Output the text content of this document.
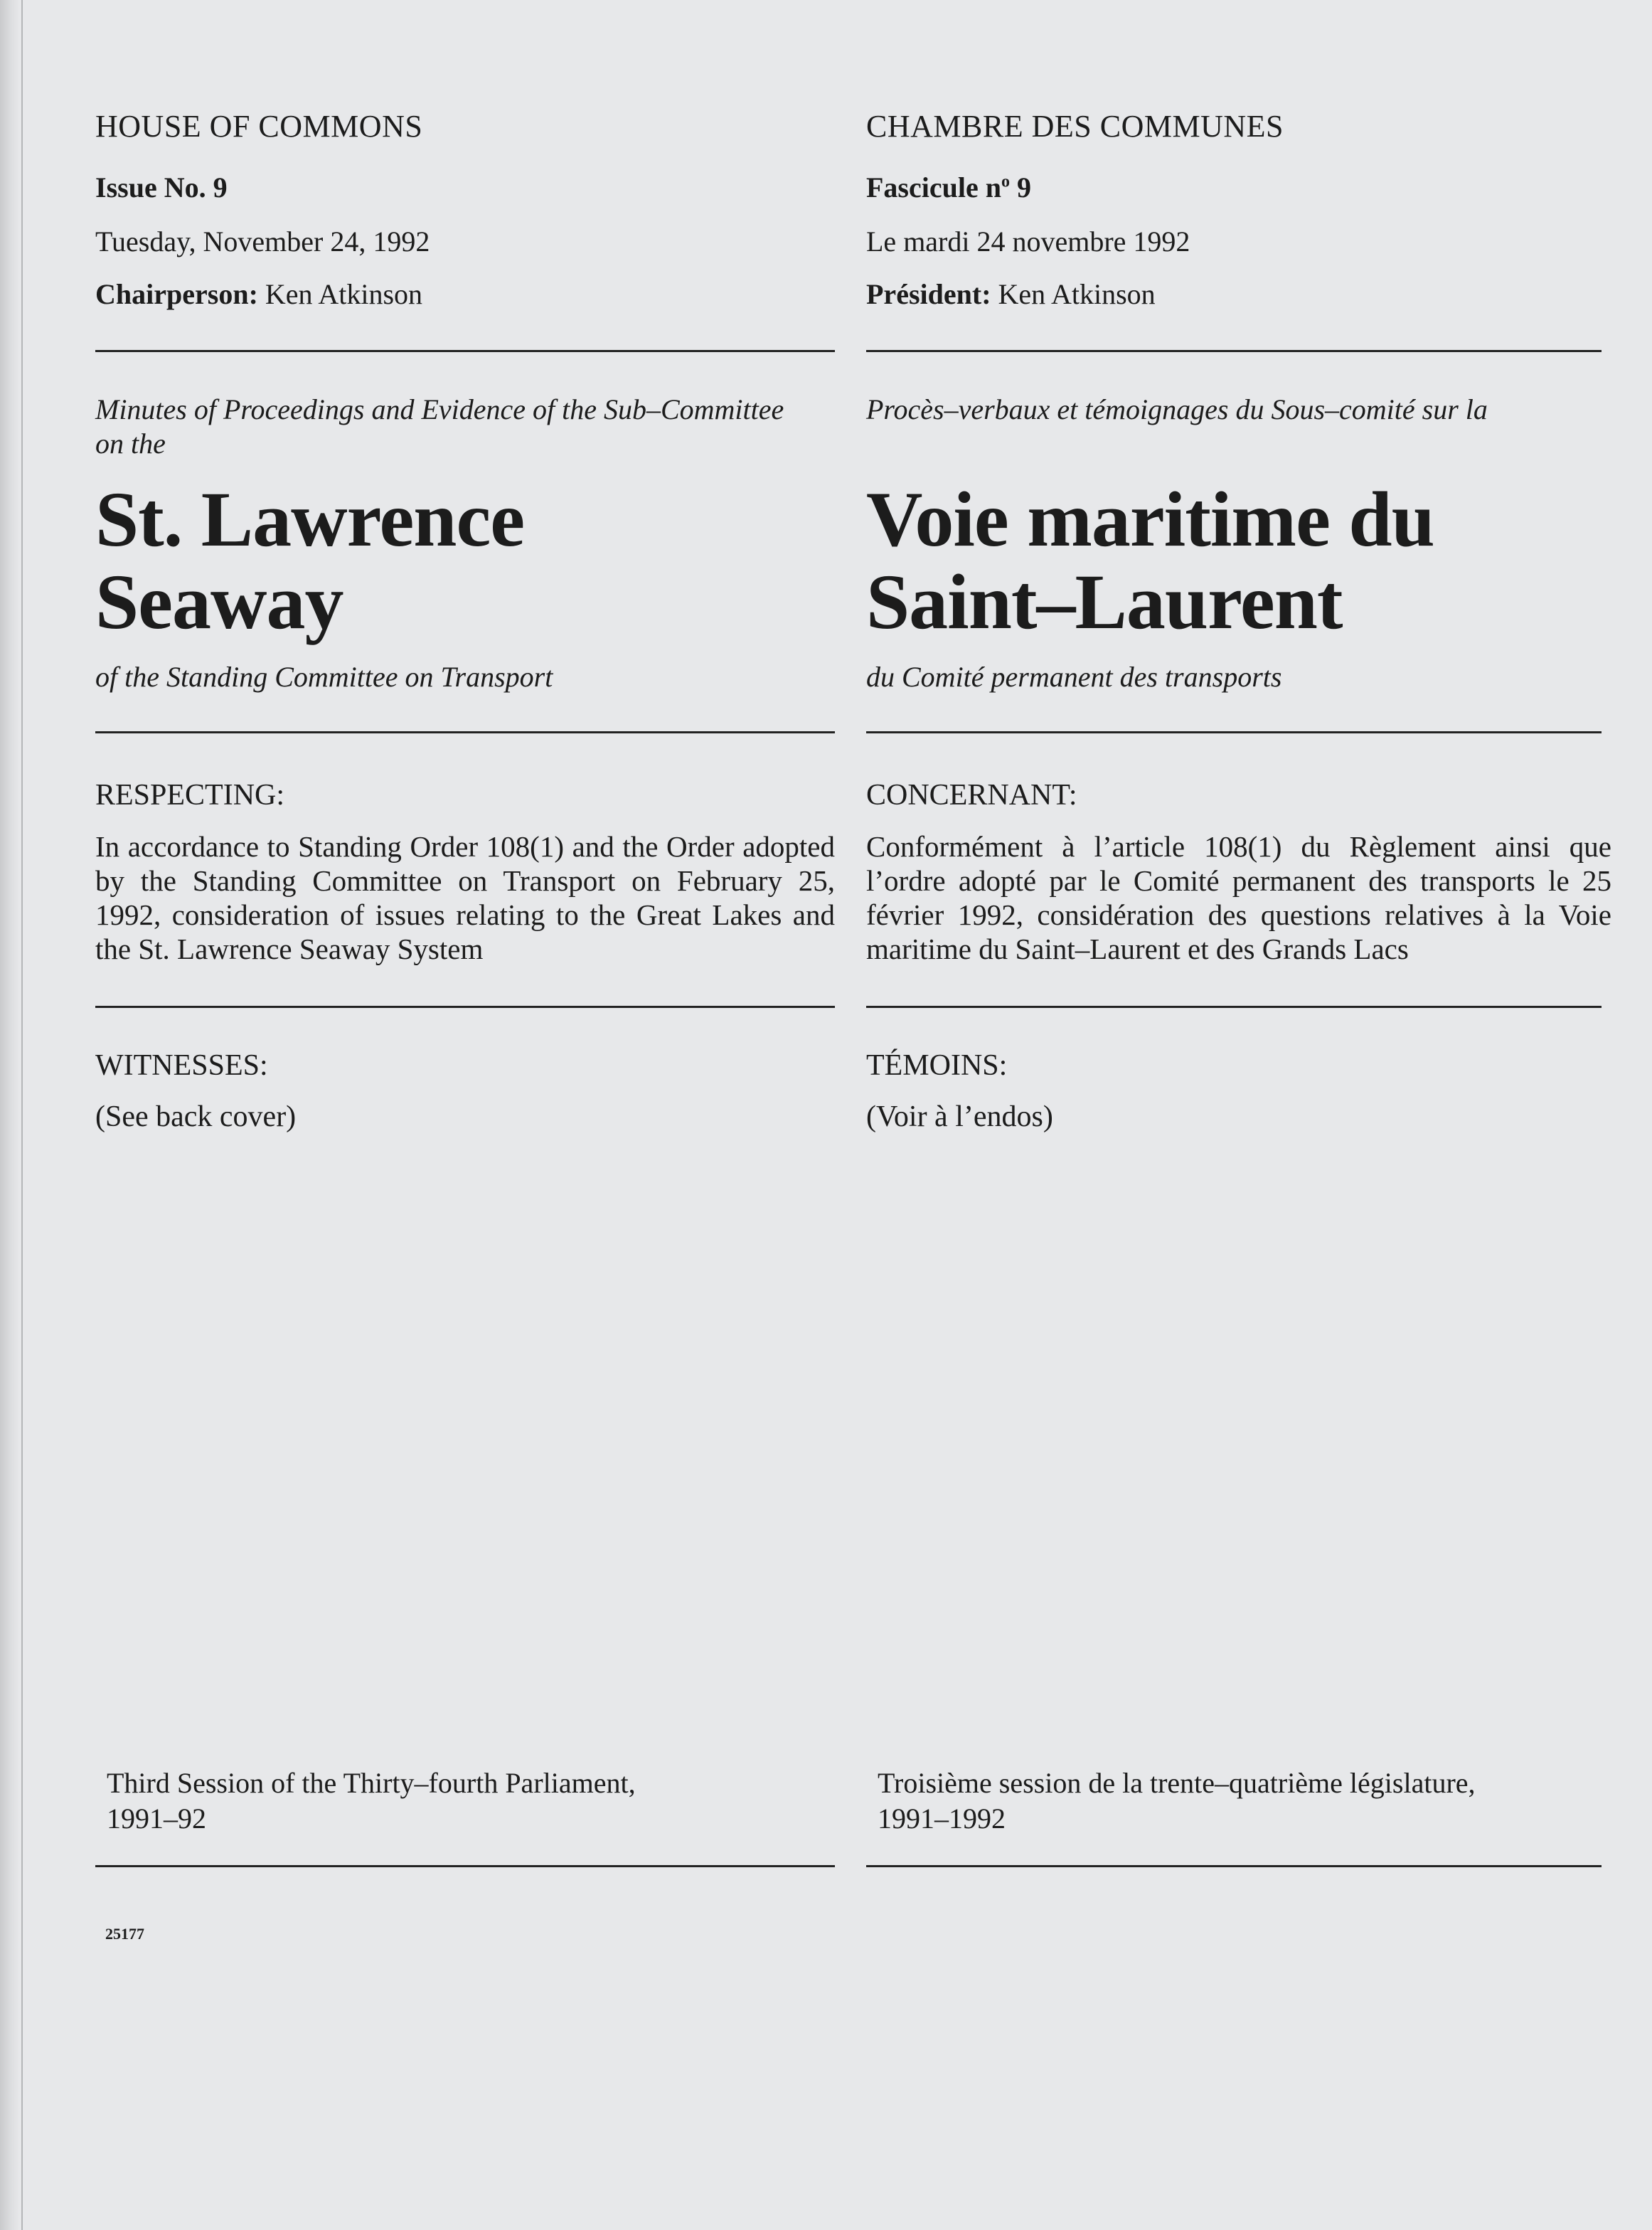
HOUSE OF COMMONS
Issue No. 9
Tuesday, November 24, 1992
Chairperson: Ken Atkinson
Minutes of Proceedings and Evidence of the Sub–Committee
on the
St. Lawrence
Seaway
of the Standing Committee on Transport
RESPECTING:
In accordance to Standing Order 108(1) and the Order adopted by the Standing Committee on Transport on February 25, 1992, consideration of issues relating to the Great Lakes and the St. Lawrence Seaway System
WITNESSES:
(See back cover)
Third Session of the Thirty–fourth Parliament,
1991–92
25177
CHAMBRE DES COMMUNES
Fascicule $n^o$ 9
Le mardi 24 novembre 1992
Président: Ken Atkinson
Procès–verbaux et témoignages du Sous–comité sur la
Voie maritime du
Saint–Laurent
du Comité permanent des transports
CONCERNANT:
Conformément à l’article 108(1) du Règlement ainsi que l’ordre adopté par le Comité permanent des transports le 25 février 1992, considération des questions relatives à la Voie maritime du Saint–Laurent et des Grands Lacs
TÉMOINS:
(Voir à l’endos)
Troisième session de la trente–quatrième législature,
1991–1992
